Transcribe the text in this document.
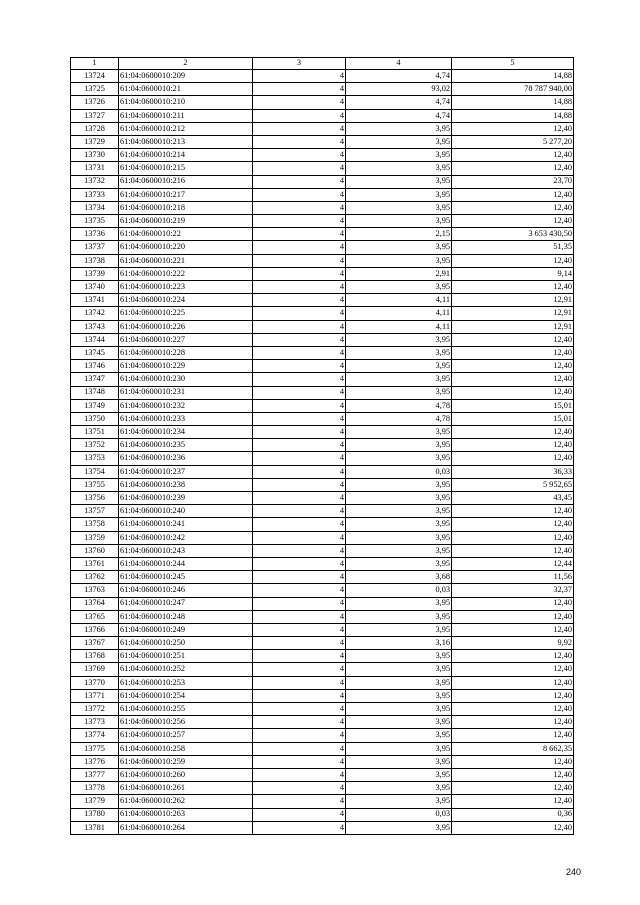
1	2	3	4	5
13724	61:04:0600010:209	4	4,74	14,88
13725	61:04:0600010:21	4	93,02	78 787 940,00
13726	61:04:0600010:210	4	4,74	14,88
13727	61:04:0600010:211	4	4,74	14,88
13728	61:04:0600010:212	4	3,95	12,40
13729	61:04:0600010:213	4	3,95	5 277,20
13730	61:04:0600010:214	4	3,95	12,40
13731	61:04:0600010:215	4	3,95	12,40
13732	61:04:0600010:216	4	3,95	23,70
13733	61:04:0600010:217	4	3,95	12,40
13734	61:04:0600010:218	4	3,95	12,40
13735	61:04:0600010:219	4	3,95	12,40
13736	61:04:0600010:22	4	2,15	3 653 430,50
13737	61:04:0600010:220	4	3,95	51,35
13738	61:04:0600010:221	4	3,95	12,40
13739	61:04:0600010:222	4	2,91	9,14
13740	61:04:0600010:223	4	3,95	12,40
13741	61:04:0600010:224	4	4,11	12,91
13742	61:04:0600010:225	4	4,11	12,91
13743	61:04:0600010:226	4	4,11	12,91
13744	61:04:0600010:227	4	3,95	12,40
13745	61:04:0600010:228	4	3,95	12,40
13746	61:04:0600010:229	4	3,95	12,40
13747	61:04:0600010:230	4	3,95	12,40
13748	61:04:0600010:231	4	3,95	12,40
13749	61:04:0600010:232	4	4,78	15,01
13750	61:04:0600010:233	4	4,78	15,01
13751	61:04:0600010:234	4	3,95	12,40
13752	61:04:0600010:235	4	3,95	12,40
13753	61:04:0600010:236	4	3,95	12,40
13754	61:04:0600010:237	4	0,03	36,33
13755	61:04:0600010:238	4	3,95	5 952,65
13756	61:04:0600010:239	4	3,95	43,45
13757	61:04:0600010:240	4	3,95	12,40
13758	61:04:0600010:241	4	3,95	12,40
13759	61:04:0600010:242	4	3,95	12,40
13760	61:04:0600010:243	4	3,95	12,40
13761	61:04:0600010:244	4	3,95	12,44
13762	61:04:0600010:245	4	3,68	11,56
13763	61:04:0600010:246	4	0,03	32,37
13764	61:04:0600010:247	4	3,95	12,40
13765	61:04:0600010:248	4	3,95	12,40
13766	61:04:0600010:249	4	3,95	12,40
13767	61:04:0600010:250	4	3,16	9,92
13768	61:04:0600010:251	4	3,95	12,40
13769	61:04:0600010:252	4	3,95	12,40
13770	61:04:0600010:253	4	3,95	12,40
13771	61:04:0600010:254	4	3,95	12,40
13772	61:04:0600010:255	4	3,95	12,40
13773	61:04:0600010:256	4	3,95	12,40
13774	61:04:0600010:257	4	3,95	12,40
13775	61:04:0600010:258	4	3,95	8 662,35
13776	61:04:0600010:259	4	3,95	12,40
13777	61:04:0600010:260	4	3,95	12,40
13778	61:04:0600010:261	4	3,95	12,40
13779	61:04:0600010:262	4	3,95	12,40
13780	61:04:0600010:263	4	0,03	0,36
13781	61:04:0600010:264	4	3,95	12,40
240
